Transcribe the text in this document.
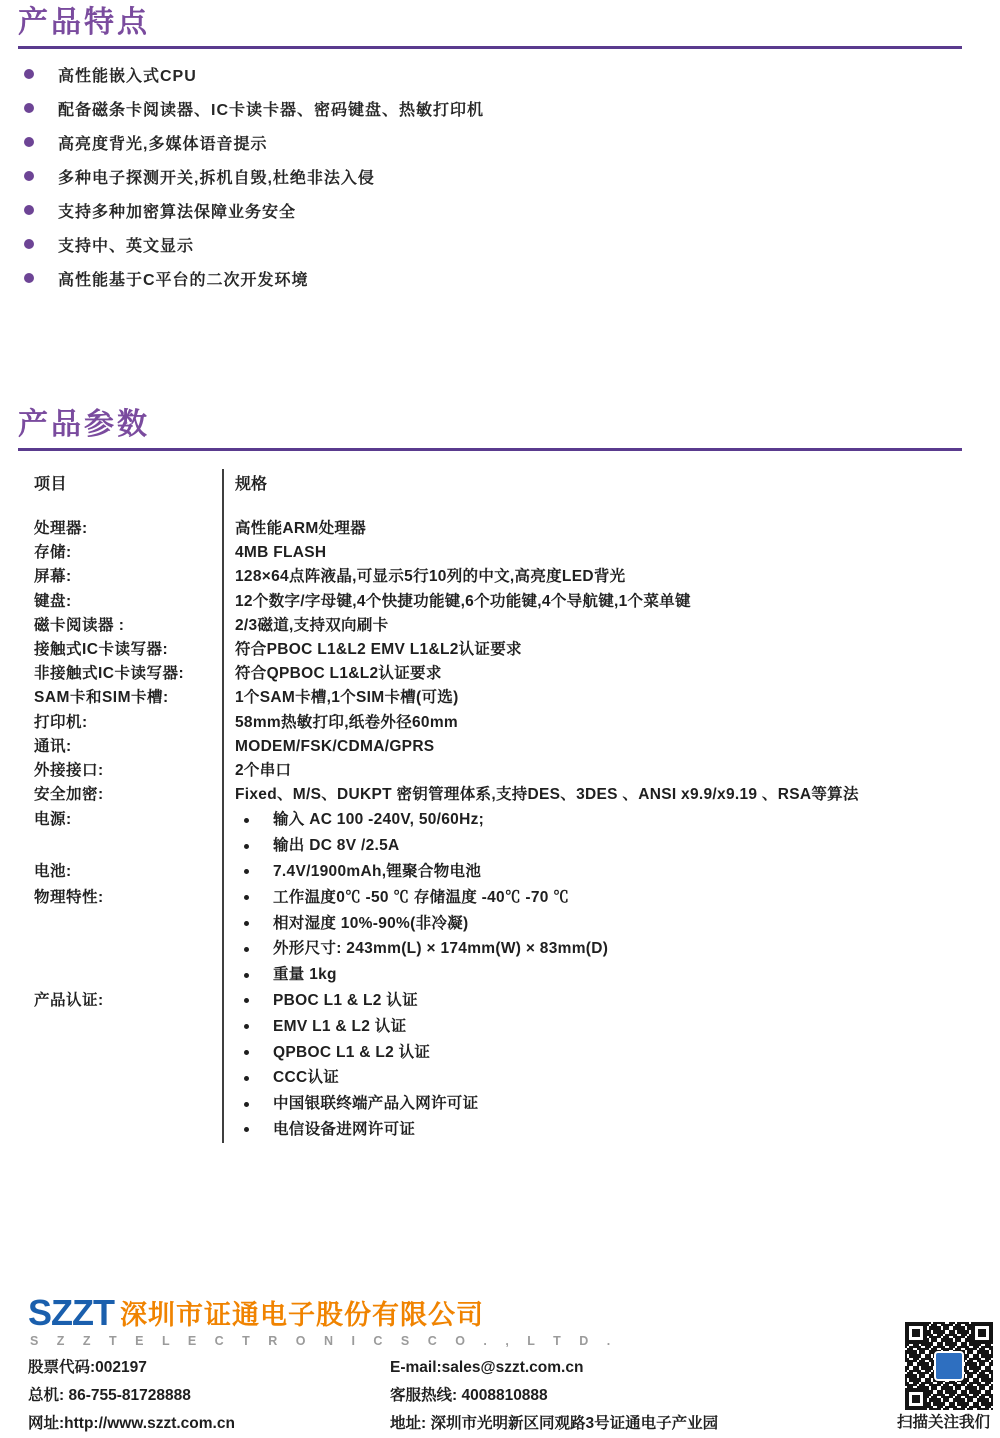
产品特点
高性能嵌入式CPU
配备磁条卡阅读器、IC卡读卡器、密码键盘、热敏打印机
高亮度背光,多媒体语音提示
多种电子探测开关,拆机自毁,杜绝非法入侵
支持多种加密算法保障业务安全
支持中、英文显示
高性能基于C平台的二次开发环境
产品参数
项目	规格
处理器:	高性能ARM处理器

存储:	4MB FLASH

屏幕:	128×64点阵液晶,可显示5行10列的中文,高亮度LED背光

键盘:	12个数字/字母键,4个快捷功能键,6个功能键,4个导航键,1个菜单键

磁卡阅读器 :	2/3磁道,支持双向刷卡

接触式IC卡读写器:	符合PBOC L1&L2 EMV L1&L2认证要求

非接触式IC卡读写器:	符合QPBOC L1&L2认证要求

SAM卡和SIM卡槽:	1个SAM卡槽,1个SIM卡槽(可选)

打印机:	58mm热敏打印,纸卷外径60mm

通讯:	MODEM/FSK/CDMA/GPRS

外接接口:	2个串口

安全加密:	Fixed、M/S、DUKPT 密钥管理体系,支持DES、3DES 、ANSI x9.9/x9.19 、RSA等算法

电源:	输入 AC 100 -240V, 50/60Hz;
输出 DC 8V /2.5A

电池:	7.4V/1900mAh,锂聚合物电池

物理特性:	工作温度0℃ -50 ℃ 存储温度 -40℃ -70 ℃
相对湿度 10%-90%(非冷凝)
外形尺寸: 243mm(L) × 174mm(W) × 83mm(D)
重量 1kg

产品认证:	PBOC L1 & L2 认证
EMV L1 & L2 认证
QPBOC L1 & L2 认证
CCC认证
中国银联终端产品入网许可证
电信设备进网许可证
SZZT 深圳市证通电子股份有限公司
S Z Z T E L E C T R O N I C S C O . , L T D .
股票代码:002197
总机: 86-755-81728888
网址:http://www.szzt.com.cn
E-mail:sales@szzt.com.cn
客服热线: 4008810888
地址: 深圳市光明新区同观路3号证通电子产业园	扫描关注我们
